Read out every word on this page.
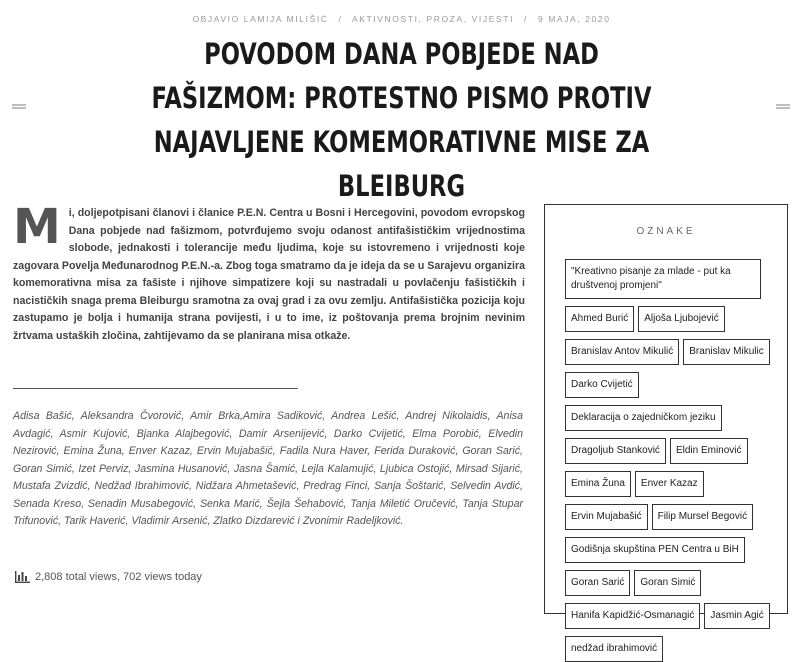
OBJAVIO LAMIJA MILIŠIĆ / AKTIVNOSTI, PROZA, VIJESTI / 9 MAJA, 2020
POVODOM DANA POBJEDE NAD FAŠIZMOM: PROTESTNO PISMO PROTIV NAJAVLJENE KOMEMORATIVNE MISE ZA BLEIBURG

Mi, doljepotpisani članovi i članice P.E.N. Centra u Bosni i Hercegovini, povodom evropskog Dana pobjede nad fašizmom, potvrđujemo svoju odanost antifašističkim vrijednostima slobode, jednakosti i tolerancije među ljudima, koje su istovremeno i vrijednosti koje zagovara Povelja Međunarodnog P.E.N.-a. Zbog toga smatramo da je ideja da se u Sarajevu organizira komemorativna misa za fašiste i njihove simpatizere koji su nastradali u povlačenju fašističkih i nacističkih snaga prema Bleiburgu sramotna za ovaj grad i za ovu zemlju. Antifašistička pozicija koju zastupamo je bolja i humanija strana povijesti, i u to ime, iz poštovanja prema brojnim nevinim žrtvama ustaških zločina, zahtijevamo da se planirana misa otkaže.

Adisa Bašić, Aleksandra Čvorović, Amir Brka,Amira Sadiković, Andrea Lešić, Andrej Nikolaidis, Anisa Avdagić, Asmir Kujović, Bjanka Alajbegović, Damir Arsenijević, Darko Cvijetić, Elma Porobić, Elvedin Nezirović, Emina Žuna, Enver Kazaz, Ervin Mujabašić, Fadila Nura Haver, Ferida Duraković, Goran Sarić, Goran Simić, Izet Perviz, Jasmina Husanović, Jasna Šamić, Lejla Kalamujić, Ljubica Ostojić, Mirsad Sijarić, Mustafa Zvizdić, Nedžad Ibrahimović, Nidžara Ahmetašević, Predrag Finci, Sanja Šoštarić, Selvedin Avdić, Senada Kreso, Senadin Musabegović, Senka Marić, Šejla Šehabović, Tanja Miletić Oručević, Tanja Stupar Trifunović, Tarik Haverić, Vladimir Arsenić, Zlatko Dizdarević i Zvonimir Radeljković.

2,808 total views, 702 views today
OZNAKE
"Kreativno pisanje za mlade - put ka društvenoj promjeni"
Ahmed Burić	Aljoša Ljubojević
Branislav Antov Mikulić	Branislav Mikulic
Darko Cvijetić
Deklaracija o zajedničkom jeziku
Dragoljub Stanković	Eldin Eminović
Emina Žuna	Enver Kazaz
Ervin Mujabašić	Filip Mursel Begović
Godišnja skupština PEN Centra u BiH
Goran Sarić	Goran Simić
Hanifa Kapidžić-Osmanagić	Jasmin Agić
nedžad ibrahimović
